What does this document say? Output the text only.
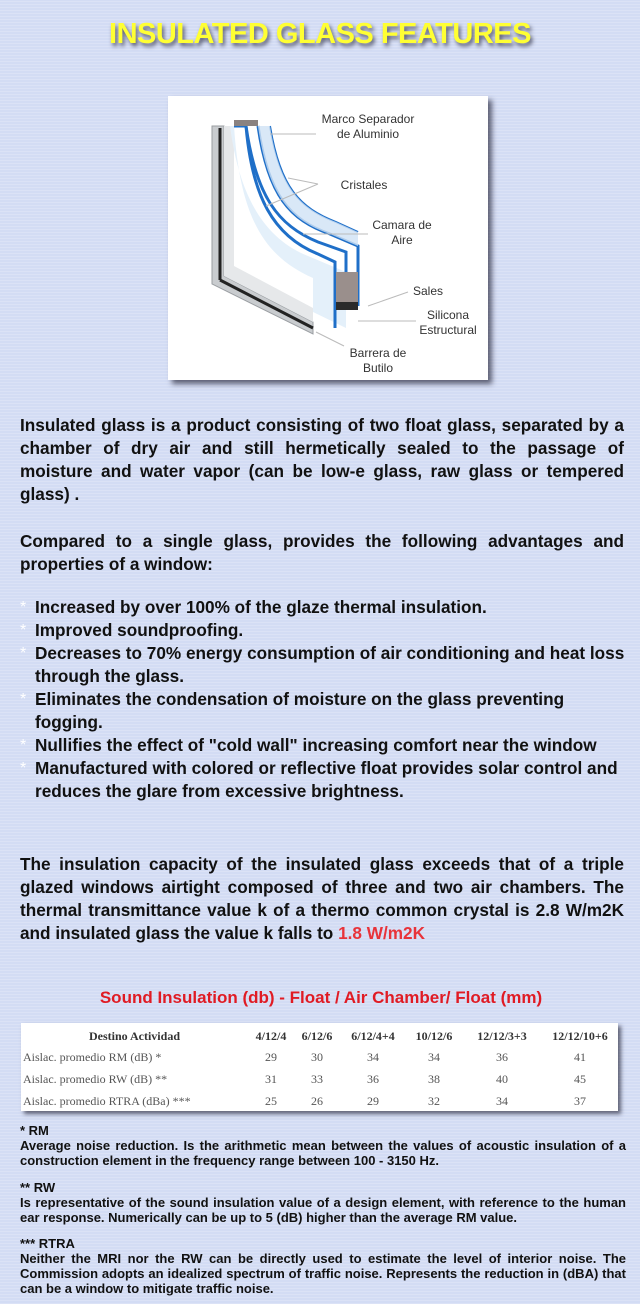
INSULATED GLASS FEATURES
Marco Separador
de Aluminio
Cristales
Camara de
Aire
Sales
Silicona
Estructural
Barrera de
Butilo

Insulated glass is a product consisting of two float glass, separated by a chamber of dry air and still hermetically sealed to the passage of moisture and water vapor (can be low-e glass, raw glass or tempered glass) .

Compared to a single glass, provides the following advantages and properties of a window:

* Increased by over 100% of the glaze thermal insulation.
* Improved soundproofing.
* Decreases to 70% energy consumption of air conditioning and heat loss through the glass.
* Eliminates the condensation of moisture on the glass preventing fogging.
* Nullifies the effect of "cold wall" increasing comfort near the window
* Manufactured with colored or reflective float provides solar control and reduces the glare from excessive brightness.

The insulation capacity of the insulated glass exceeds that of a triple glazed windows airtight composed of three and two air chambers. The thermal transmittance value k of a thermo common crystal is 2.8 W/m2K and insulated glass the value k falls to 1.8 W/m2K

Sound Insulation (db) - Float / Air Chamber/ Float (mm)
Destino Actividad	4/12/4	6/12/6	6/12/4+4	10/12/6	12/12/3+3	12/12/10+6
Aislac. promedio RM (dB) *	29	30	34	34	36	41
Aislac. promedio RW (dB) **	31	33	36	38	40	45
Aislac. promedio RTRA (dBa) ***	25	26	29	32	34	37
* RM
Average noise reduction. Is the arithmetic mean between the values of acoustic insulation of a construction element in the frequency range between 100 - 3150 Hz.
** RW
Is representative of the sound insulation value of a design element, with reference to the human ear response. Numerically can be up to 5 (dB) higher than the average RM value.
*** RTRA
Neither the MRI nor the RW can be directly used to estimate the level of interior noise. The Commission adopts an idealized spectrum of traffic noise. Represents the reduction in (dBA) that can be a window to mitigate traffic noise.
